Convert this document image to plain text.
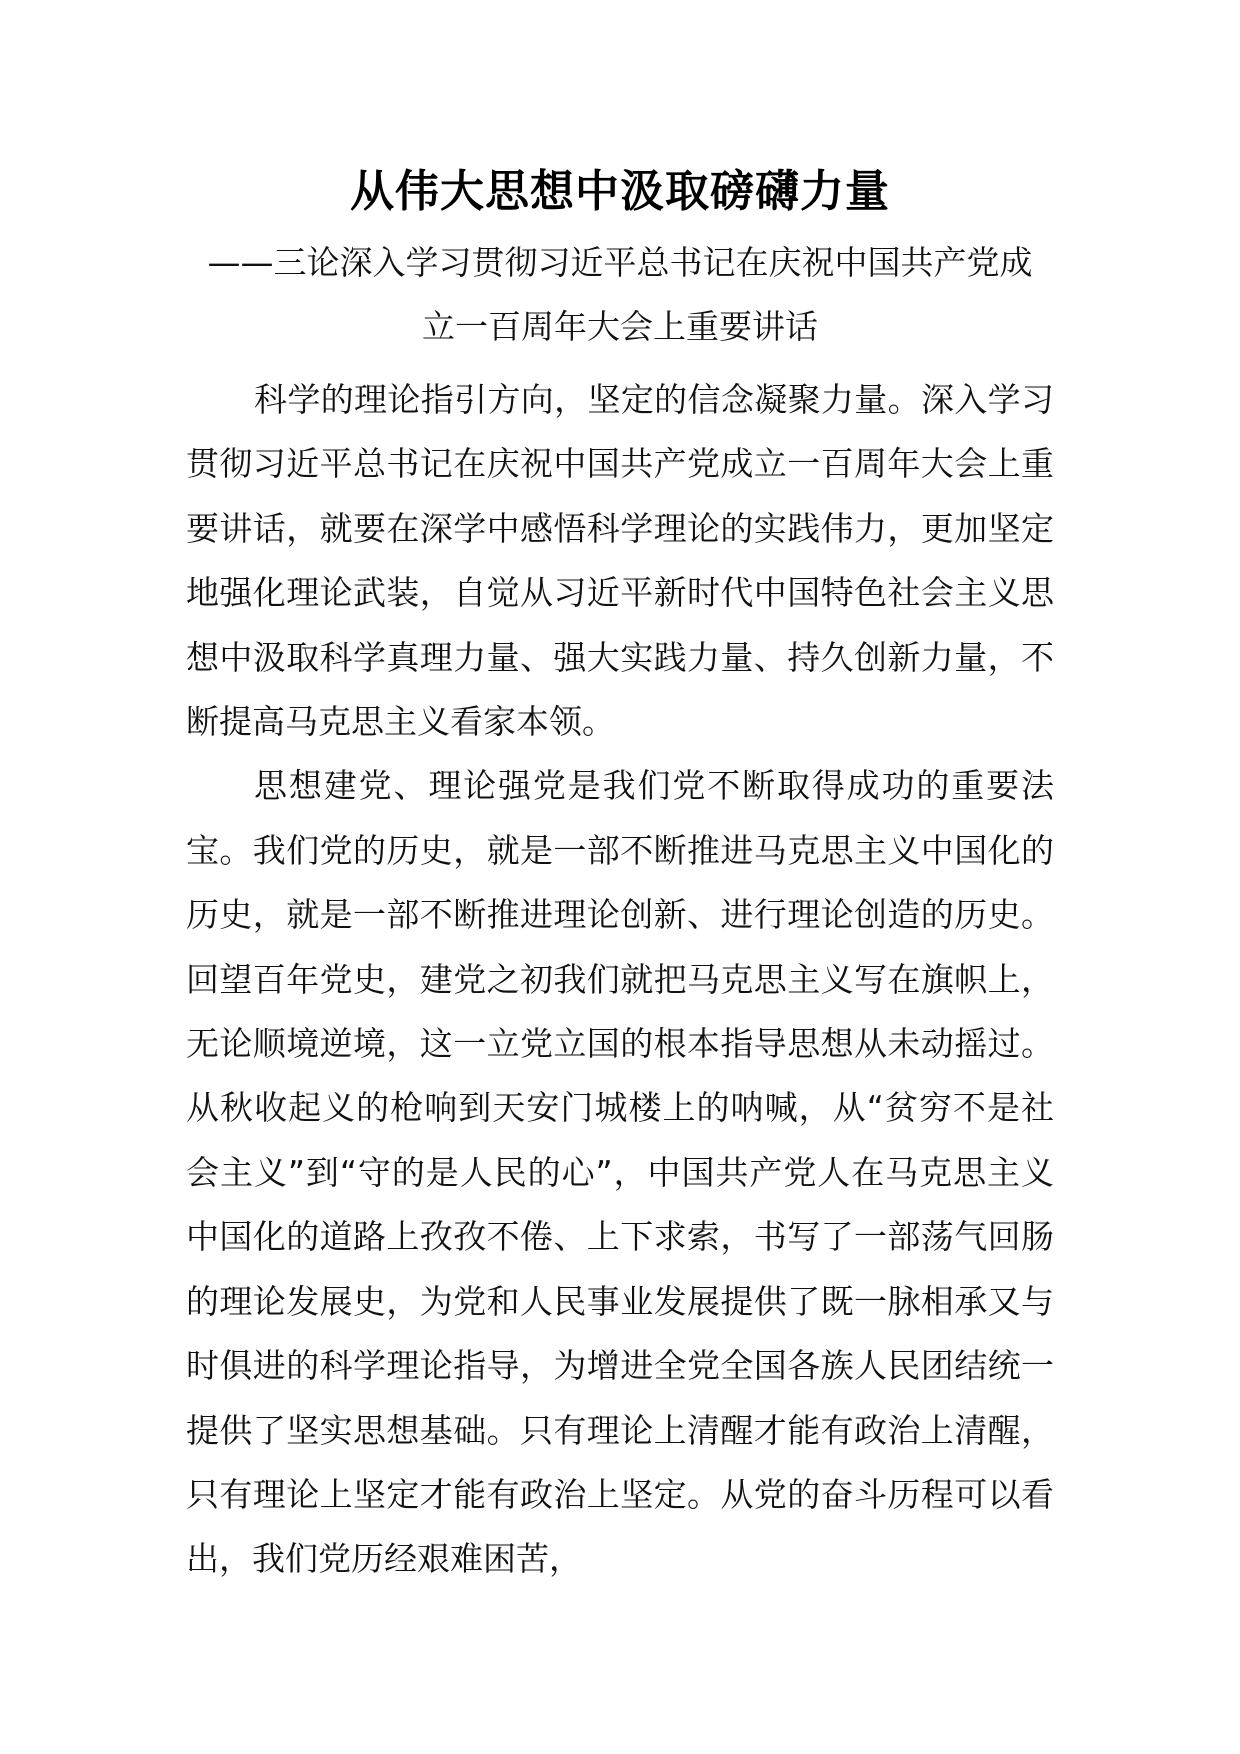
从伟大思想中汲取磅礴力量
——三论深入学习贯彻习近平总书记在庆祝中国共产党成
立一百周年大会上重要讲话

科学的理论指引方向，坚定的信念凝聚力量。深入学习贯彻习近平总书记在庆祝中国共产党成立一百周年大会上重要讲话，就要在深学中感悟科学理论的实践伟力，更加坚定地强化理论武装，自觉从习近平新时代中国特色社会主义思想中汲取科学真理力量、强大实践力量、持久创新力量，不断提高马克思主义看家本领。

思想建党、理论强党是我们党不断取得成功的重要法宝。我们党的历史，就是一部不断推进马克思主义中国化的历史，就是一部不断推进理论创新、进行理论创造的历史。回望百年党史，建党之初我们就把马克思主义写在旗帜上，无论顺境逆境，这一立党立国的根本指导思想从未动摇过。从秋收起义的枪响到天安门城楼上的呐喊，从“贫穷不是社会主义”到“守的是人民的心”，中国共产党人在马克思主义中国化的道路上孜孜不倦、上下求索，书写了一部荡气回肠的理论发展史，为党和人民事业发展提供了既一脉相承又与时俱进的科学理论指导，为增进全党全国各族人民团结统一提供了坚实思想基础。只有理论上清醒才能有政治上清醒，只有理论上坚定才能有政治上坚定。从党的奋斗历程可以看出，我们党历经艰难困苦，
